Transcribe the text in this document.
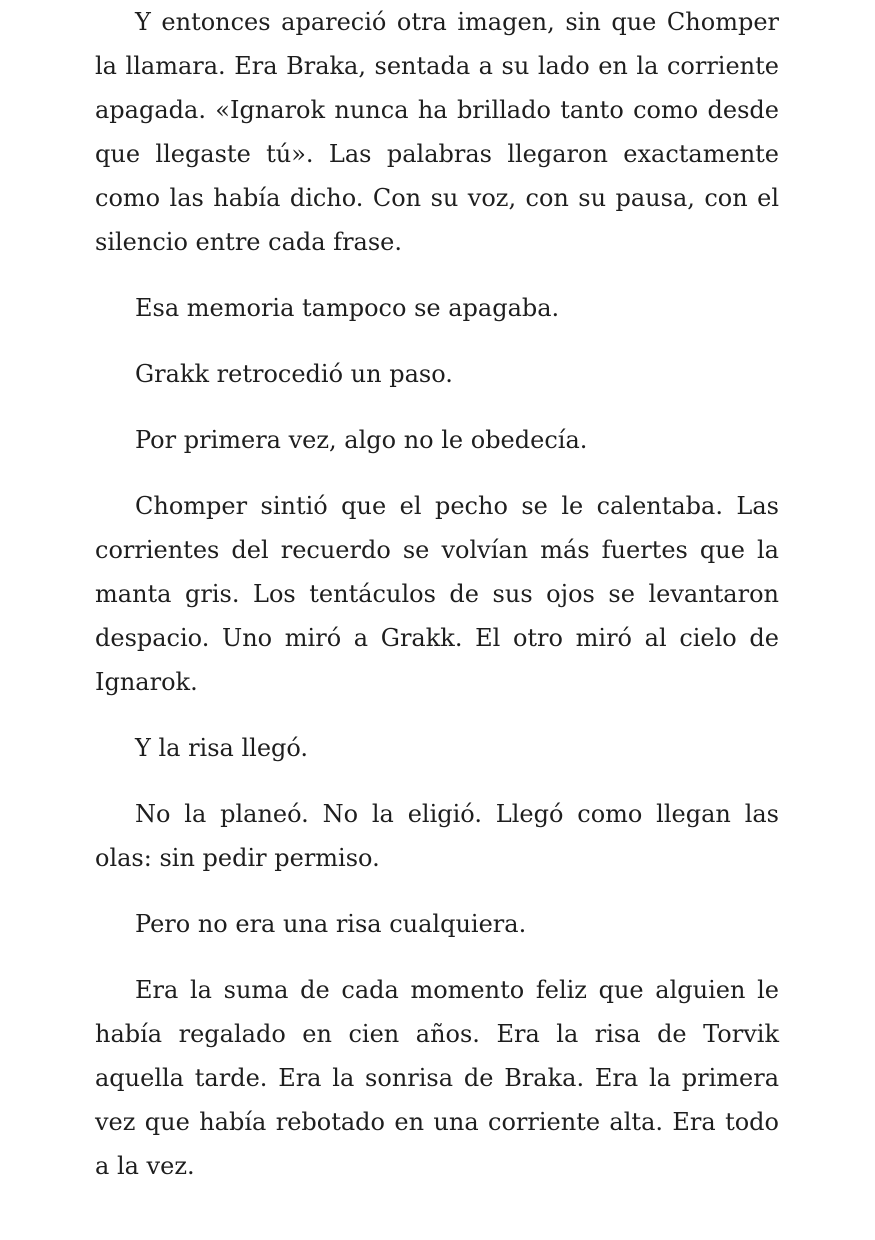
Y entonces apareció otra imagen, sin que Chomper la llamara. Era Braka, sentada a su lado en la corriente apagada. «Ignarok nunca ha brillado tanto como desde que llegaste tú». Las palabras llegaron exactamente como las había dicho. Con su voz, con su pausa, con el silencio entre cada frase.

Esa memoria tampoco se apagaba.

Grakk retrocedió un paso.

Por primera vez, algo no le obedecía.

Chomper sintió que el pecho se le calentaba. Las corrientes del recuerdo se volvían más fuertes que la manta gris. Los tentáculos de sus ojos se levantaron despacio. Uno miró a Grakk. El otro miró al cielo de Ignarok.

Y la risa llegó.

No la planeó. No la eligió. Llegó como llegan las olas: sin pedir permiso.

Pero no era una risa cualquiera.

Era la suma de cada momento feliz que alguien le había regalado en cien años. Era la risa de Torvik aquella tarde. Era la sonrisa de Braka. Era la primera vez que había rebotado en una corriente alta. Era todo a la vez.
